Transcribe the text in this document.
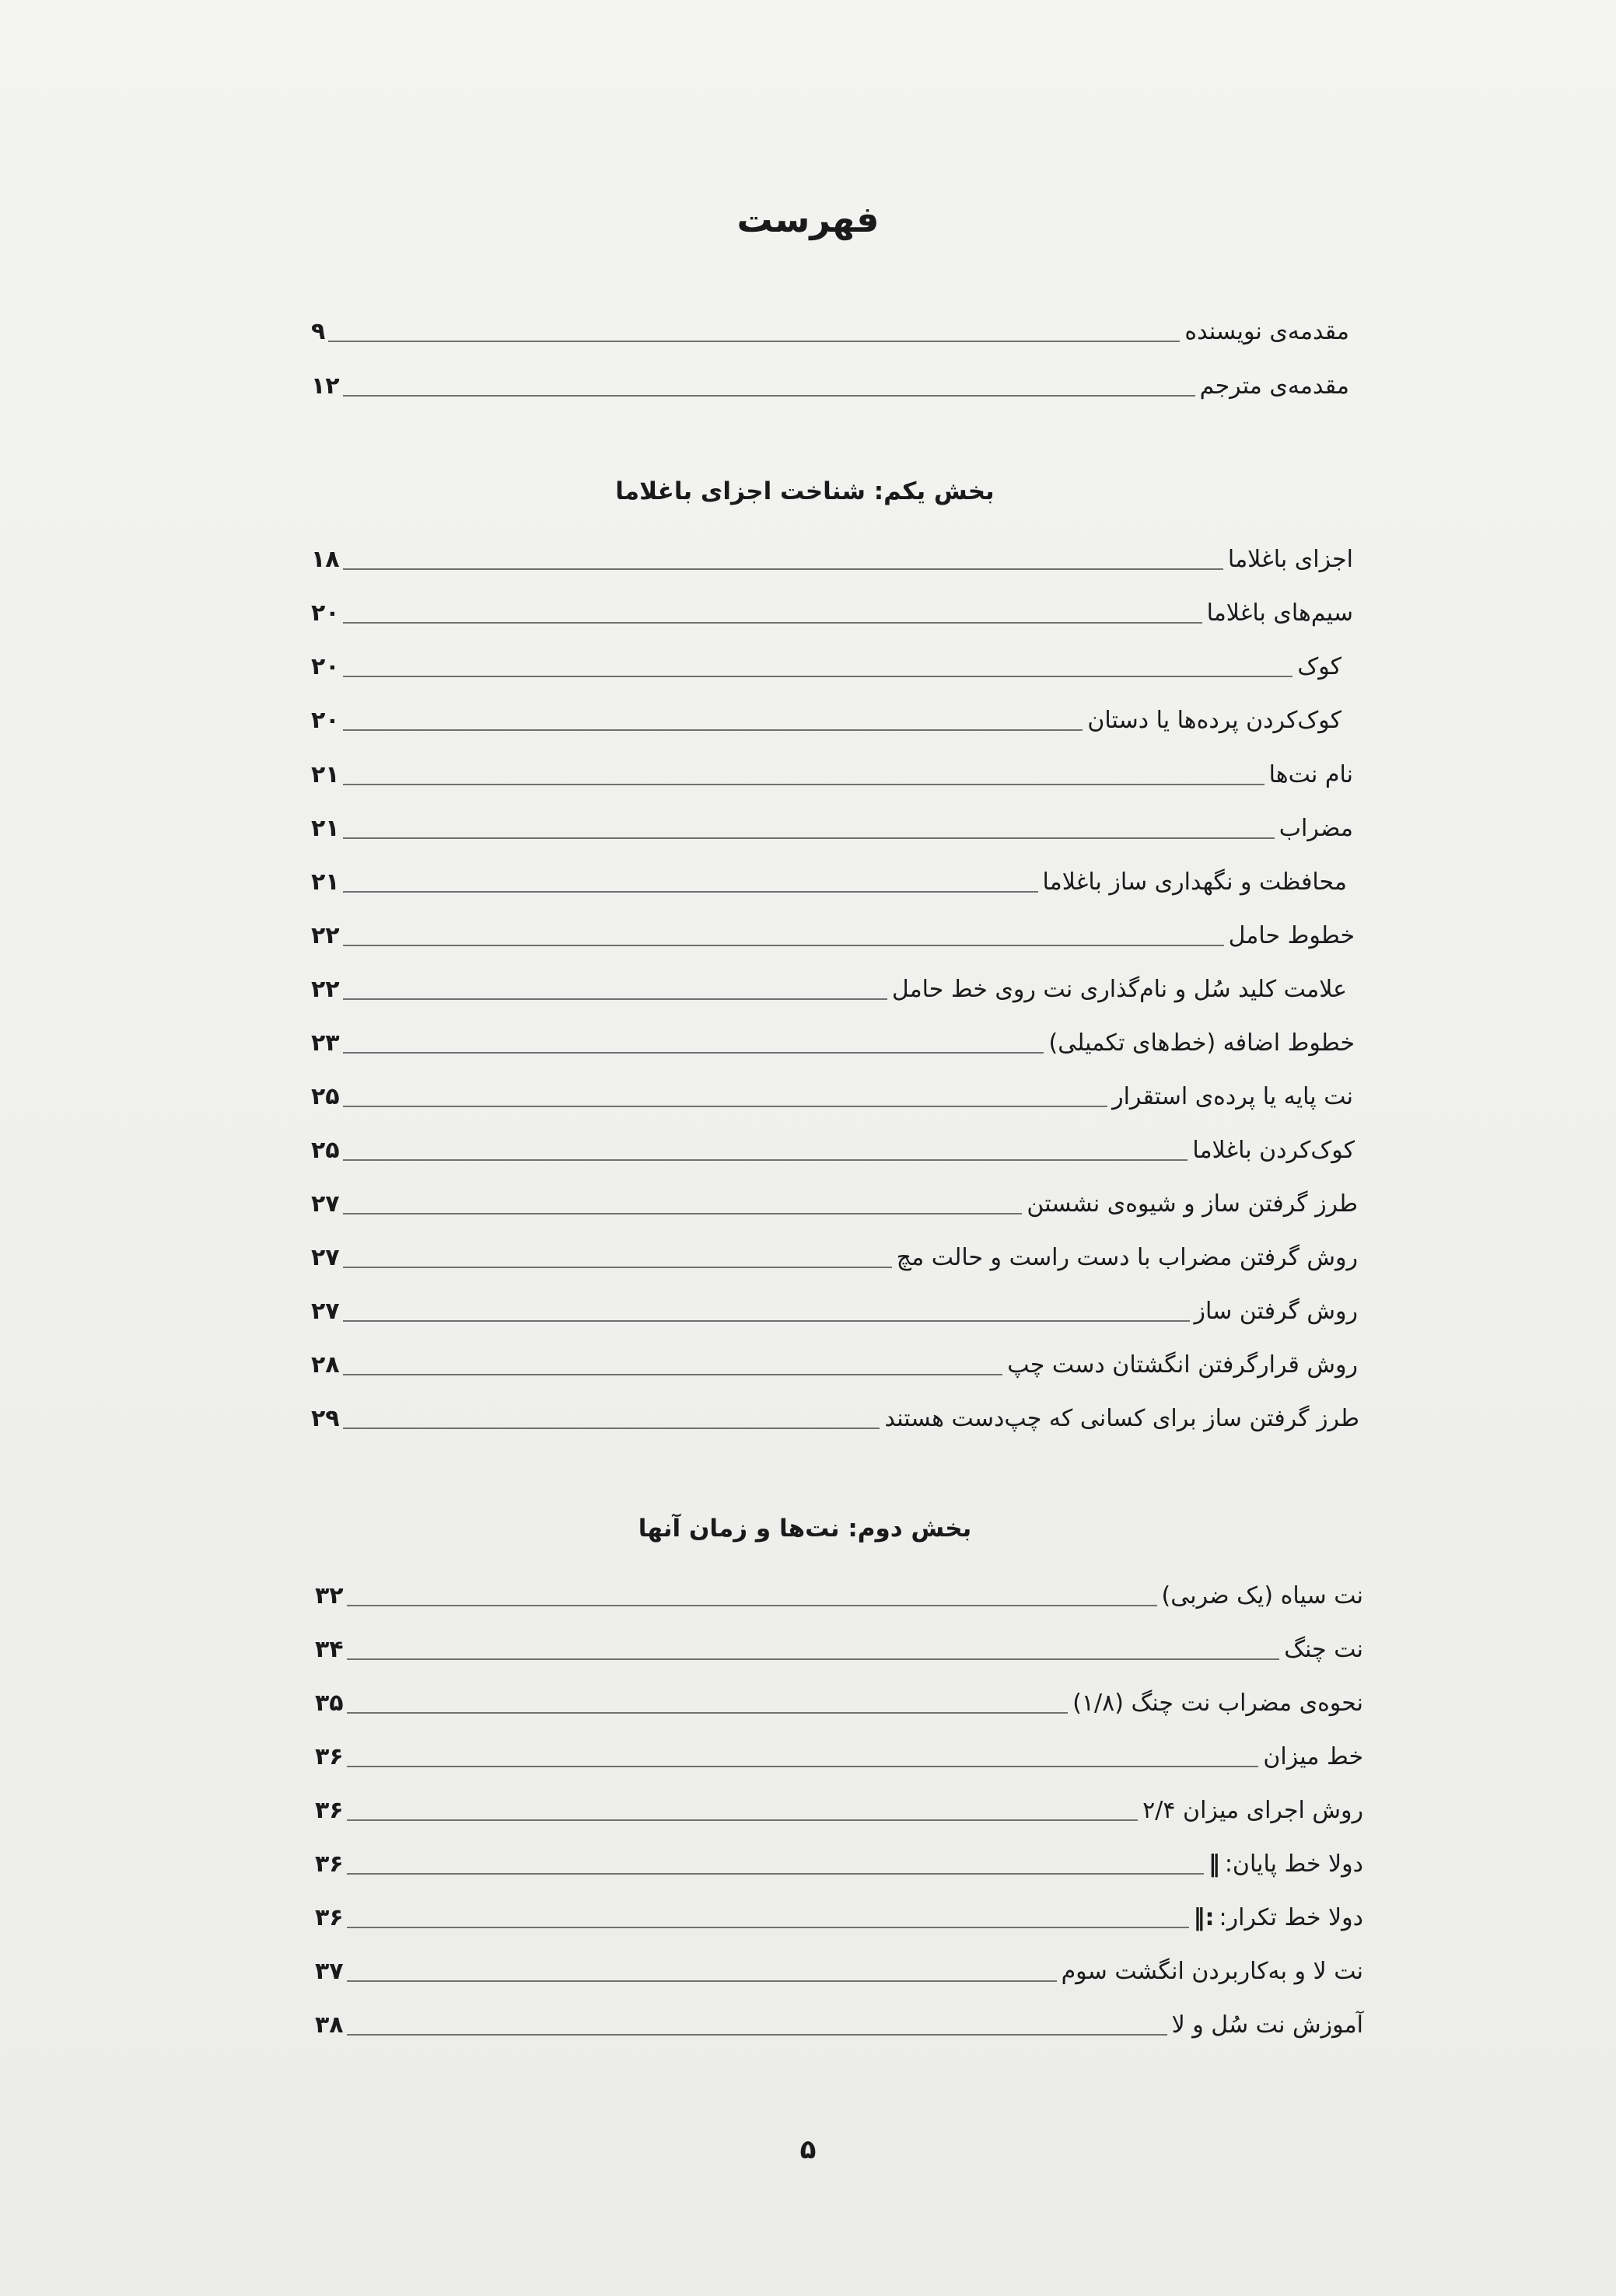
فهرست
مقدمه‌ی نویسنده
۹
مقدمه‌ی مترجم
۱۲
بخش یکم: شناخت اجزای باغلاما
اجزای باغلاما
۱۸
سیم‌های باغلاما
۲۰
کوک
۲۰
کوک‌کردن پرده‌ها یا دستان
۲۰
نام نت‌ها
۲۱
مضراب
۲۱
محافظت و نگهداری ساز باغلاما
۲۱
خطوط حامل
۲۲
علامت کلید سُل و نام‌گذاری نت روی خط حامل
۲۲
خطوط اضافه (خط‌های تکمیلی)
۲۳
نت پایه یا پرده‌ی استقرار
۲۵
کوک‌کردن باغلاما
۲۵
طرز گرفتن ساز و شیوه‌ی نشستن
۲۷
روش گرفتن مضراب با دست راست و حالت مچ
۲۷
روش گرفتن ساز
۲۷
روش قرارگرفتن انگشتان دست چپ
۲۸
طرز گرفتن ساز برای کسانی که چپ‌دست هستند
۲۹
بخش دوم: نت‌ها و زمان آنها
نت سیاه (یک ضربی)
۳۲
نت چنگ
۳۴
نحوه‌ی مضراب نت چنگ (۱/۸)
۳۵
خط میزان
۳۶
روش اجرای میزان ۲/۴
۳۶
دولا خط پایان:‖
۳۶
دولا خط تکرار::‖
۳۶
نت لا و به‌کاربردن انگشت سوم
۳۷
آموزش نت سُل و لا
۳۸
۵
